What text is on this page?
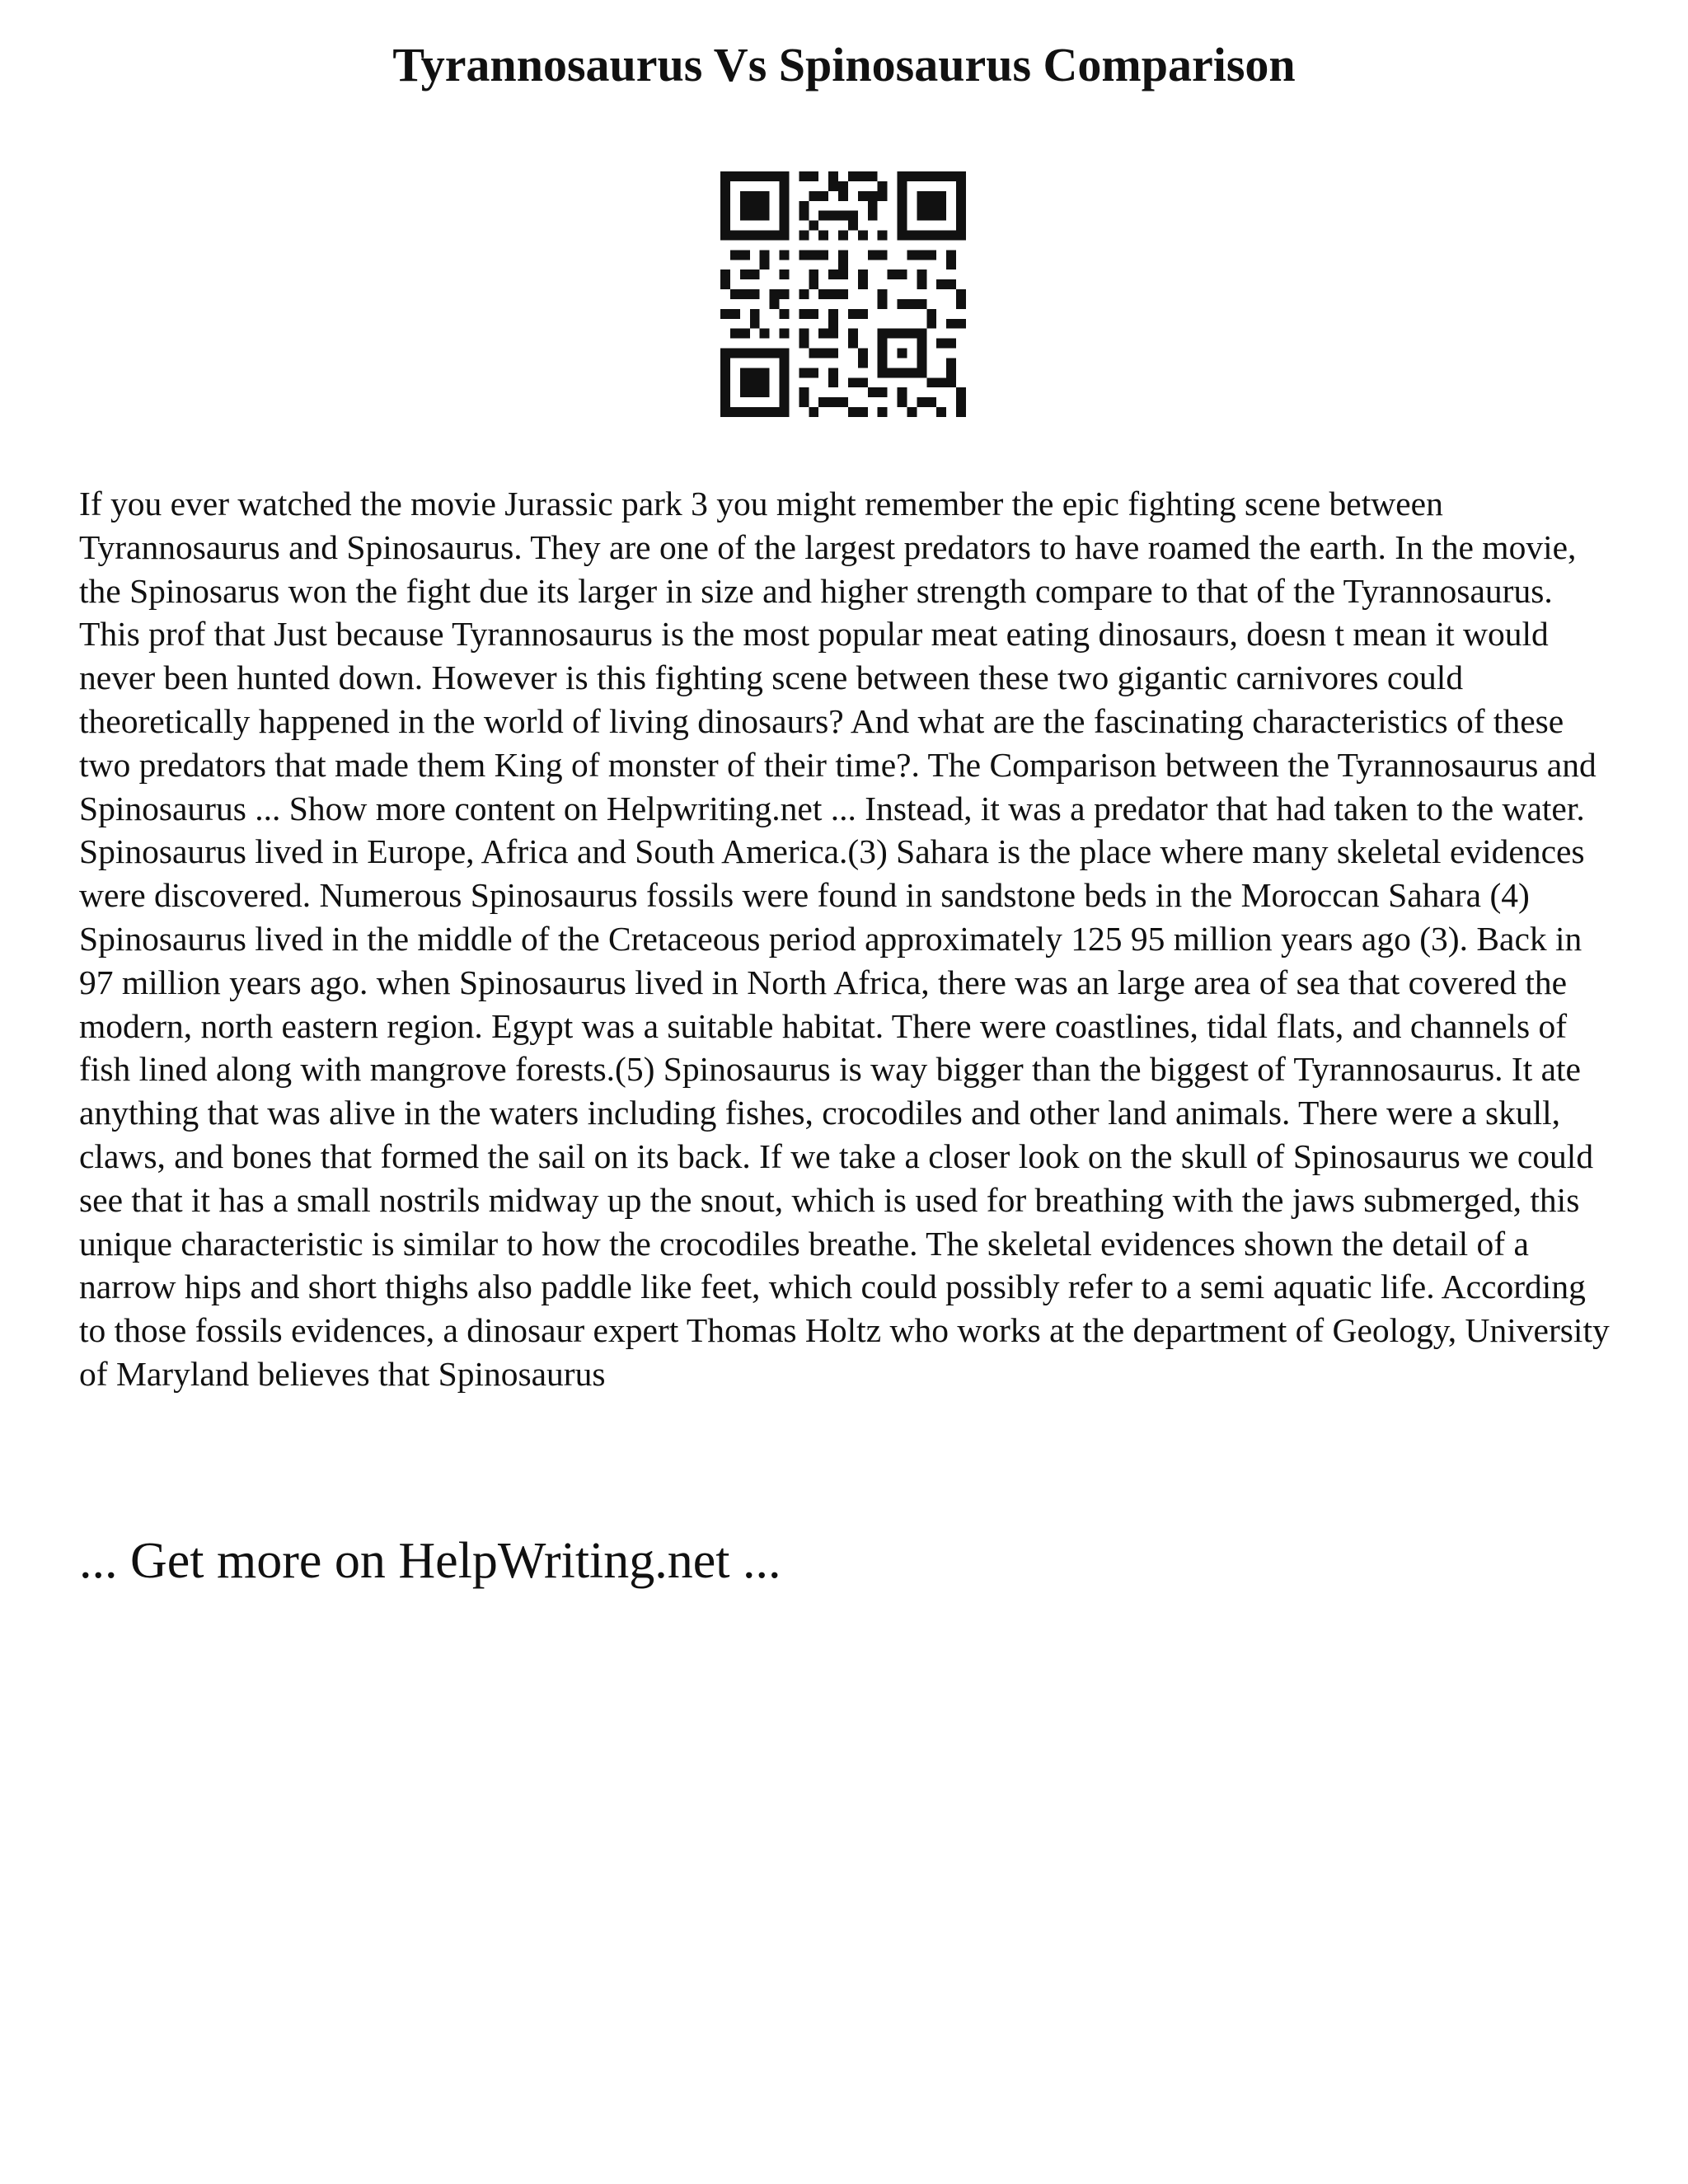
Tyrannosaurus Vs Spinosaurus Comparison

If you ever watched the movie Jurassic park 3 you might remember the epic fighting scene between Tyrannosaurus and Spinosaurus. They are one of the largest predators to have roamed the earth. In the movie, the Spinosarus won the fight due its larger in size and higher strength compare to that of the Tyrannosaurus. This prof that Just because Tyrannosaurus is the most popular meat eating dinosaurs, doesn t mean it would never been hunted down. However is this fighting scene between these two gigantic carnivores could theoretically happened in the world of living dinosaurs? And what are the fascinating characteristics of these two predators that made them King of monster of their time?. The Comparison between the Tyrannosaurus and Spinosaurus ... Show more content on Helpwriting.net ... Instead, it was a predator that had taken to the water. Spinosaurus lived in Europe, Africa and South America.(3) Sahara is the place where many skeletal evidences were discovered. Numerous Spinosaurus fossils were found in sandstone beds in the Moroccan Sahara (4) Spinosaurus lived in the middle of the Cretaceous period approximately 125 95 million years ago (3). Back in 97 million years ago. when Spinosaurus lived in North Africa, there was an large area of sea that covered the modern, north eastern region. Egypt was a suitable habitat. There were coastlines, tidal flats, and channels of fish lined along with mangrove forests.(5) Spinosaurus is way bigger than the biggest of Tyrannosaurus. It ate anything that was alive in the waters including fishes, crocodiles and other land animals. There were a skull, claws, and bones that formed the sail on its back. If we take a closer look on the skull of Spinosaurus we could see that it has a small nostrils midway up the snout, which is used for breathing with the jaws submerged, this unique characteristic is similar to how the crocodiles breathe. The skeletal evidences shown the detail of a narrow hips and short thighs also paddle like feet, which could possibly refer to a semi aquatic life. According to those fossils evidences, a dinosaur expert Thomas Holtz who works at the department of Geology, University of Maryland believes that Spinosaurus

... Get more on HelpWriting.net ...
